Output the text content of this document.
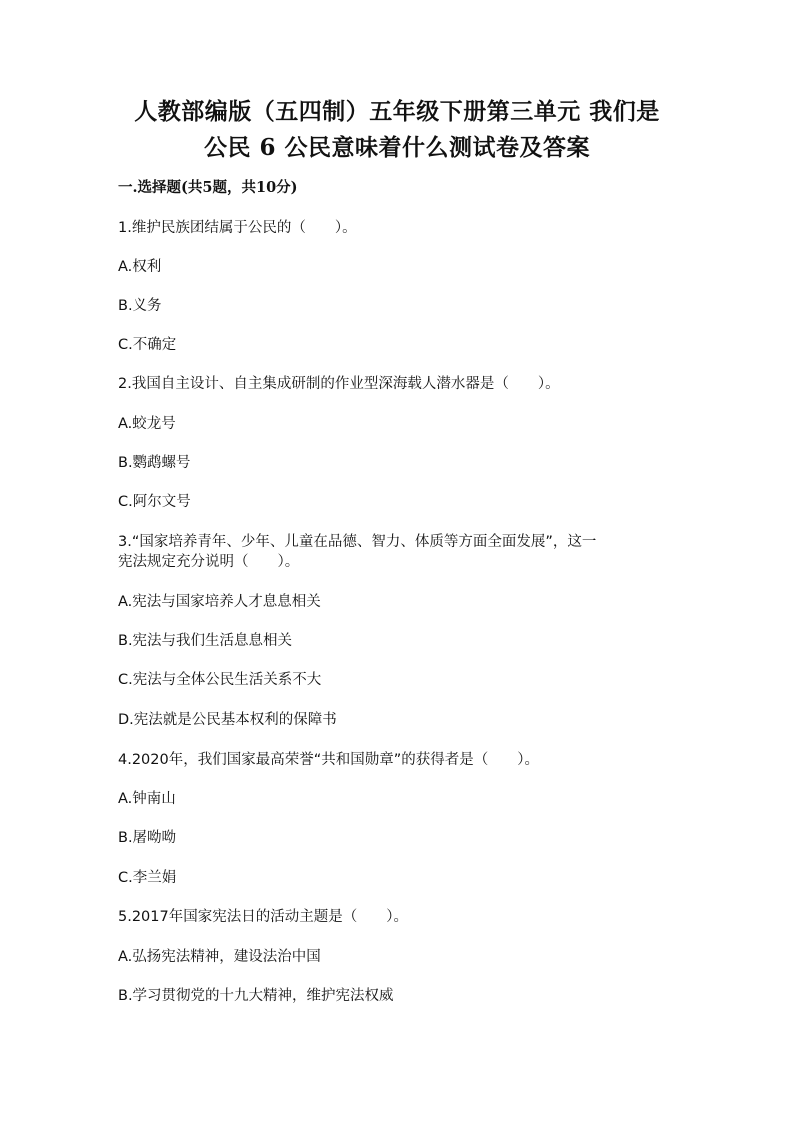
人教部编版（五四制）五年级下册第三单元 我们是
公民 6 公民意味着什么测试卷及答案
一.选择题(共5题，共10分)
1.维护民族团结属于公民的（　　）。
A.权利
B.义务
C.不确定
2.我国自主设计、自主集成研制的作业型深海载人潜水器是（　　）。
A.蛟龙号
B.鹦鹉螺号
C.阿尔文号
3.“国家培养青年、少年、儿童在品德、智力、体质等方面全面发展”，这一
宪法规定充分说明（　　）。
A.宪法与国家培养人才息息相关
B.宪法与我们生活息息相关
C.宪法与全体公民生活关系不大
D.宪法就是公民基本权利的保障书
4.2020年，我们国家最高荣誉“共和国勋章”的获得者是（　　）。
A.钟南山
B.屠呦呦
C.李兰娟
5.2017年国家宪法日的活动主题是（　　）。
A.弘扬宪法精神，建设法治中国
B.学习贯彻党的十九大精神，维护宪法权威
